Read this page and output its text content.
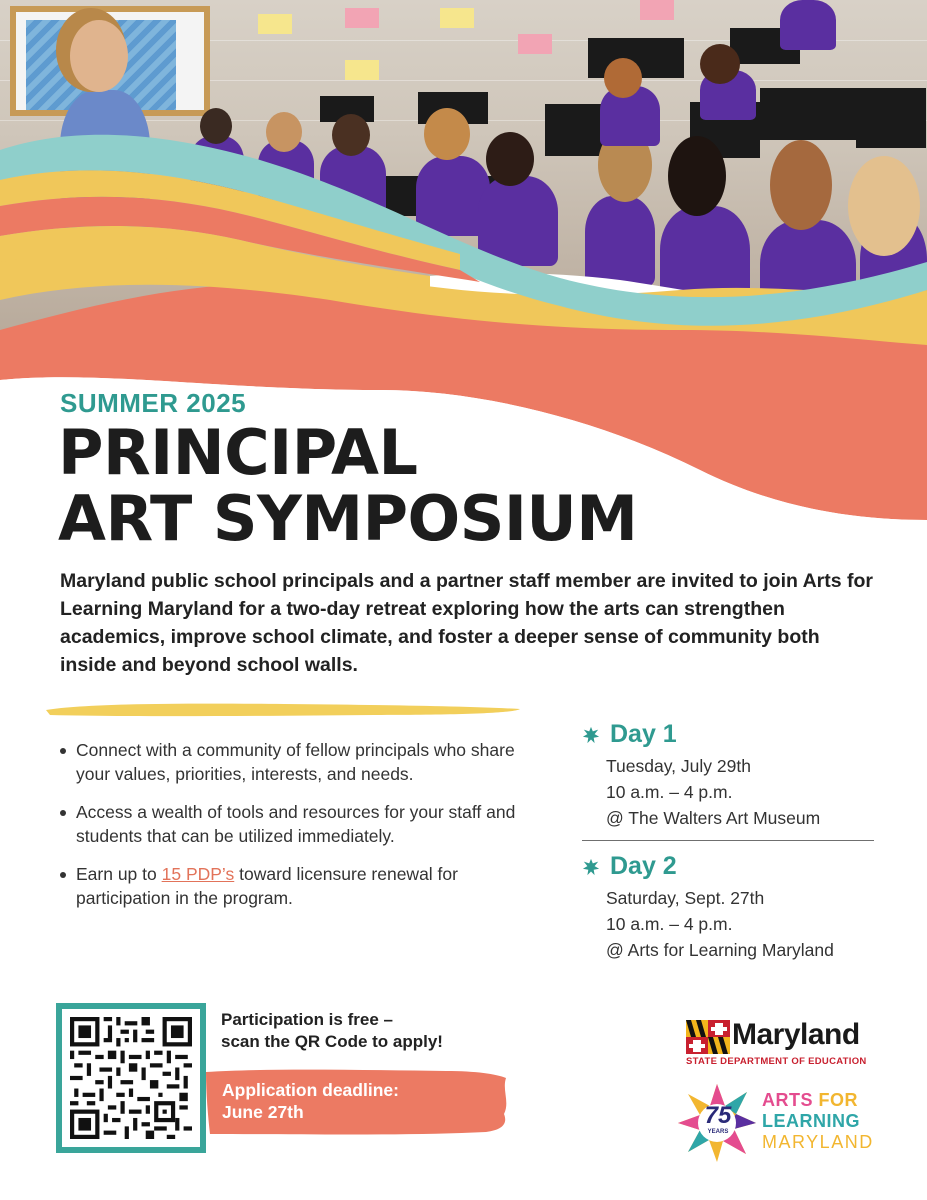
SUMMER 2025
PRINCIPAL
ART SYMPOSIUM
Maryland public school principals and a partner staff member are invited to join Arts for Learning Maryland for a two-day retreat exploring how the arts can strengthen academics, improve school climate, and foster a deeper sense of community both inside and beyond school walls.
Connect with a community of fellow principals who share your values, priorities, interests, and needs.
Access a wealth of tools and resources for your staff and students that can be utilized immediately.
Earn up to 15 PDP’s toward licensure renewal for participation in the program.
Day 1
Tuesday, July 29th
10 a.m. – 4 p.m.
@ The Walters Art Museum
Day 2
Saturday, Sept. 27th
10 a.m. – 4 p.m.
@ Arts for Learning Maryland
Participation is free –
scan the QR Code to apply!
Application deadline:
June 27th
Maryland
STATE DEPARTMENT OF EDUCATION
75
YEARS
ARTS FOR
LEARNING
MARYLAND
